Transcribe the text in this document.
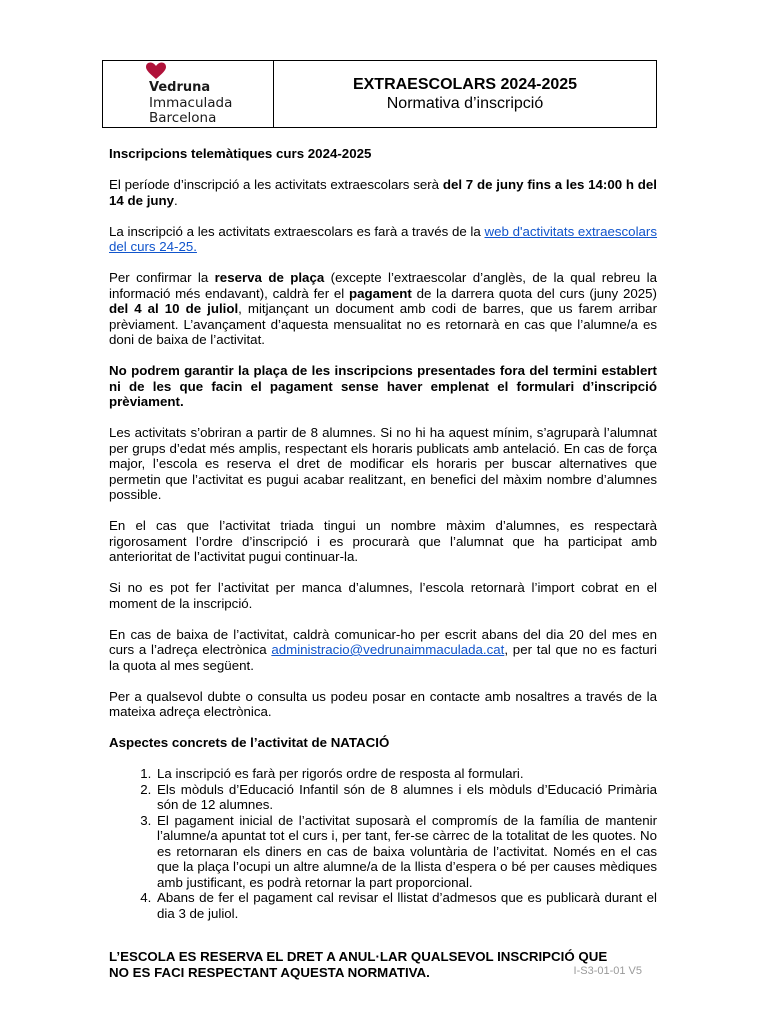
Vedruna
Immaculada
Barcelona
EXTRAESCOLARS 2024-2025
Normativa d’inscripció
Inscripcions telemàtiques curs 2024-2025

El període d’inscripció a les activitats extraescolars serà del 7 de juny fins a les 14:00 h del 14 de juny.

La inscripció a les activitats extraescolars es farà a través de la web d'activitats extraescolars del curs 24-25.

Per confirmar la reserva de plaça (excepte l’extraescolar d’anglès, de la qual rebreu la informació més endavant), caldrà fer el pagament de la darrera quota del curs (juny 2025) del 4 al 10 de juliol, mitjançant un document amb codi de barres, que us farem arribar prèviament. L’avançament d’aquesta mensualitat no es retornarà en cas que l’alumne/a es doni de baixa de l’activitat.

No podrem garantir la plaça de les inscripcions presentades fora del termini establert ni de les que facin el pagament sense haver emplenat el formulari d’inscripció prèviament.

Les activitats s’obriran a partir de 8 alumnes. Si no hi ha aquest mínim, s’agruparà l’alumnat per grups d’edat més amplis, respectant els horaris publicats amb antelació. En cas de força major, l’escola es reserva el dret de modificar els horaris per buscar alternatives que permetin que l’activitat es pugui acabar realitzant, en benefici del màxim nombre d’alumnes possible.

En el cas que l’activitat triada tingui un nombre màxim d’alumnes, es respectarà rigorosament l’ordre d’inscripció i es procurarà que l’alumnat que ha participat amb anterioritat de l’activitat pugui continuar-la.

Si no es pot fer l’activitat per manca d’alumnes, l’escola retornarà l’import cobrat en el moment de la inscripció.

En cas de baixa de l’activitat, caldrà comunicar-ho per escrit abans del dia 20 del mes en curs a l’adreça electrònica administracio@vedrunaimmaculada.cat, per tal que no es facturi la quota al mes següent.

Per a qualsevol dubte o consulta us podeu posar en contacte amb nosaltres a través de la mateixa adreça electrònica.

Aspectes concrets de l’activitat de NATACIÓ
1. La inscripció es farà per rigorós ordre de resposta al formulari.
2. Els mòduls d’Educació Infantil són de 8 alumnes i els mòduls d’Educació Primària són de 12 alumnes.
3. El pagament inicial de l’activitat suposarà el compromís de la família de mantenir l’alumne/a apuntat tot el curs i, per tant, fer-se càrrec de la totalitat de les quotes. No es retornaran els diners en cas de baixa voluntària de l’activitat. Només en el cas que la plaça l’ocupi un altre alumne/a de la llista d’espera o bé per causes mèdiques amb justificant, es podrà retornar la part proporcional.
4. Abans de fer el pagament cal revisar el llistat d’admesos que es publicarà durant el dia 3 de juliol.
L’ESCOLA ES RESERVA EL DRET A ANUL·LAR QUALSEVOL INSCRIPCIÓ QUE
NO ES FACI RESPECTANT AQUESTA NORMATIVA.	I-S3-01-01 V5
